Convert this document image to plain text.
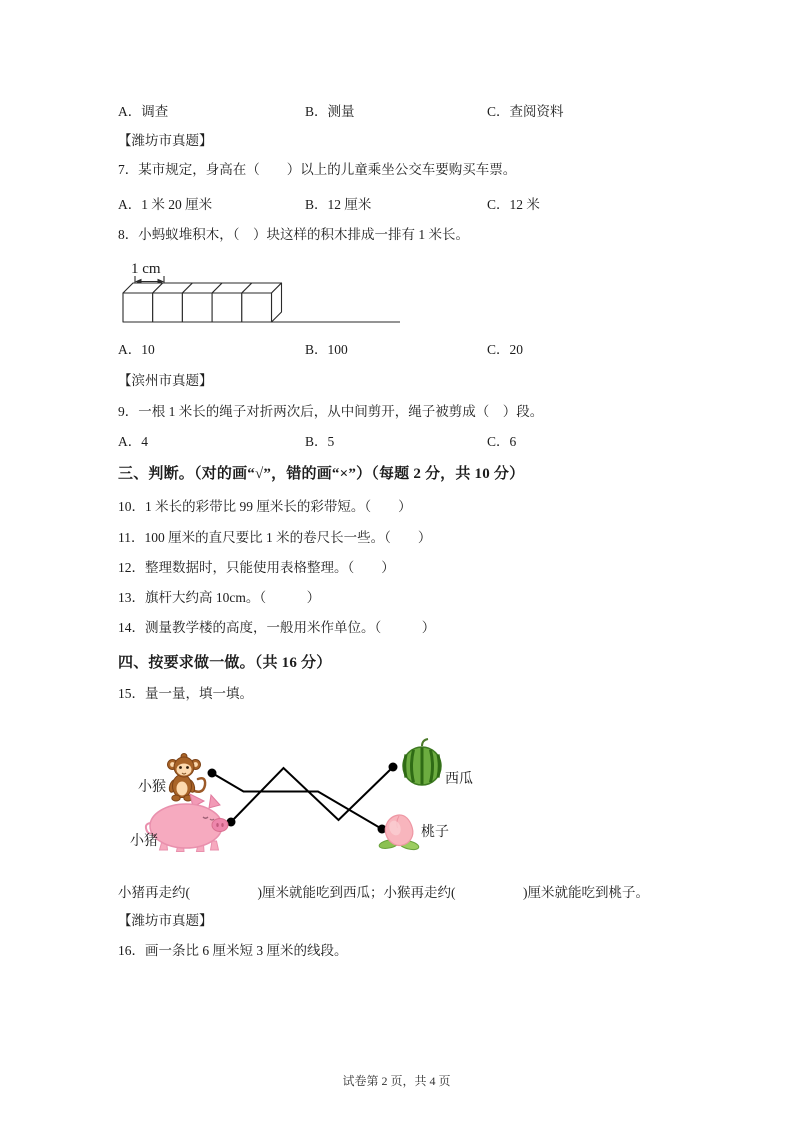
A．调查	B．测量	C．查阅资料
【潍坊市真题】
7．某市规定，身高在（　　）以上的儿童乘坐公交车要购买车票。
A．1 米 20 厘米	B．12 厘米	C．12 米
8．小蚂蚁堆积木，（　）块这样的积木排成一排有 1 米长。
1 cm
A．10	B．100	C．20
【滨州市真题】
9．一根 1 米长的绳子对折两次后，从中间剪开，绳子被剪成（　）段。
A．4	B．5	C．6
三、判断。（对的画“√”，错的画“×”）（每题 2 分，共 10 分）
10．1 米长的彩带比 99 厘米长的彩带短。（　　）
11．100 厘米的直尺要比 1 米的卷尺长一些。（　　）
12．整理数据时，只能使用表格整理。（　　）
13．旗杆大约高 10cm。（　　　）
14．测量教学楼的高度，一般用米作单位。（　　　）
四、按要求做一做。（共 16 分）
15．量一量，填一填。
小猴
小猪
西瓜
桃子
小猪再走约(　　　　　)厘米就能吃到西瓜；小猴再走约(　　　　　)厘米就能吃到桃子。
【潍坊市真题】
16．画一条比 6 厘米短 3 厘米的线段。
试卷第 2 页，共 4 页
